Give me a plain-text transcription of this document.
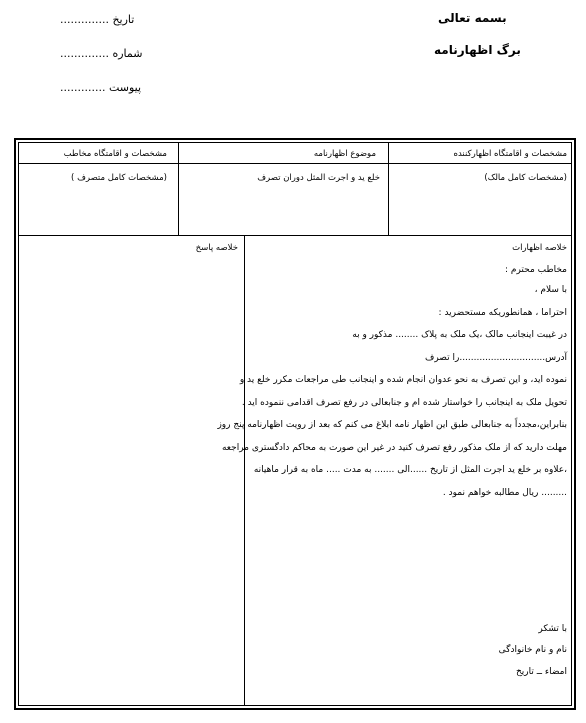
بسمه تعالی
برگ اظهارنامه
تاریخ ..............
شماره ..............
پیوست .............
مشخصات و اقامتگاه اظهارکننده
موضوع اظهارنامه
مشخصات و اقامتگاه مخاطب
(مشخصات کامل مالک)
خلع ید و اجرت المثل دوران تصرف
(مشخصات کامل متصرف )
خلاصه اظهارات
خلاصه پاسخ
مخاطب محترم :
با سلام ،
احتراما ، همانطوریکه مستحضرید :
در غیبت اینجانب مالک ،یک ملک به پلاک ........ مذکور و به
آدرس..............................را تصرف
نموده اید، و این تصرف به نحو عدوان انجام شده و اینجانب طی مراجعات مکرر خلع ید و
تحویل ملک به اینجانب را خواستار شده ام و جنابعالی در رفع تصرف اقدامی ننموده اید .
بنابراین،مجدداً به جنابعالی طبق این اظهار نامه ابلاغ می کنم که بعد از رویت اظهارنامه پنج روز
مهلت دارید که از ملک مذکور رفع تصرف کنید در غیر این صورت به محاکم دادگستری مراجعه
،علاوه بر خلع ید اجرت المثل از تاریخ ......الی ....... به مدت ..... ماه به قرار ماهیانه
......... ریال مطالبه خواهم نمود .
با تشکر
نام و نام خانوادگی
امضاء ــ تاریخ
